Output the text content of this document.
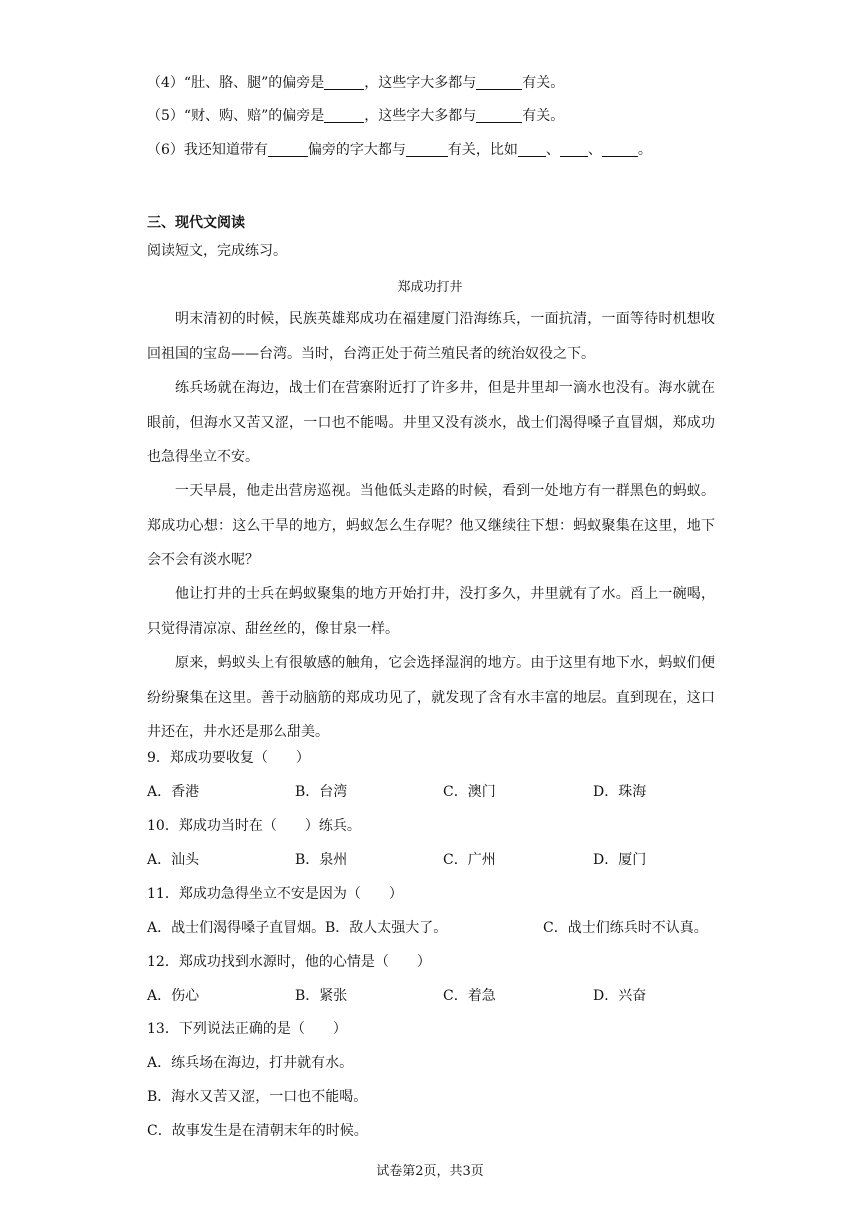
（4）“肚、胳、腿”的偏旁是	，这些字大多都与	有关。
（5）“财、购、赔”的偏旁是	，这些字大多都与	有关。
（6）我还知道带有	偏旁的字大都与	有关，比如 、 、	。
三、现代文阅读
阅读短文，完成练习。
郑成功打井
明末清初的时候，民族英雄郑成功在福建厦门沿海练兵，一面抗清，一面等待时机想收回祖国的宝岛——台湾。当时，台湾正处于荷兰殖民者的统治奴役之下。
练兵场就在海边，战士们在营寨附近打了许多井，但是井里却一滴水也没有。海水就在眼前，但海水又苦又涩，一口也不能喝。井里又没有淡水，战士们渴得嗓子直冒烟，郑成功也急得坐立不安。
一天早晨，他走出营房巡视。当他低头走路的时候，看到一处地方有一群黑色的蚂蚁。郑成功心想：这么干旱的地方，蚂蚁怎么生存呢？他又继续往下想：蚂蚁聚集在这里，地下会不会有淡水呢？
他让打井的士兵在蚂蚁聚集的地方开始打井，没打多久，井里就有了水。舀上一碗喝，只觉得清凉凉、甜丝丝的，像甘泉一样。
原来，蚂蚁头上有很敏感的触角，它会选择湿润的地方。由于这里有地下水，蚂蚁们便纷纷聚集在这里。善于动脑筋的郑成功见了，就发现了含有水丰富的地层。直到现在，这口井还在，井水还是那么甜美。
9．郑成功要收复（　　）
A．香港	B．台湾	C．澳门	D．珠海
10．郑成功当时在（　　）练兵。
A．汕头	B．泉州	C．广州	D．厦门
11．郑成功急得坐立不安是因为（　　）
A．战士们渴得嗓子直冒烟。 B．敌人太强大了。	C．战士们练兵时不认真。
12．郑成功找到水源时，他的心情是（　　）
A．伤心	B．紧张	C．着急	D．兴奋
13．下列说法正确的是（　　）
A．练兵场在海边，打井就有水。
B．海水又苦又涩，一口也不能喝。
C．故事发生是在清朝末年的时候。
试卷第2页，共3页
